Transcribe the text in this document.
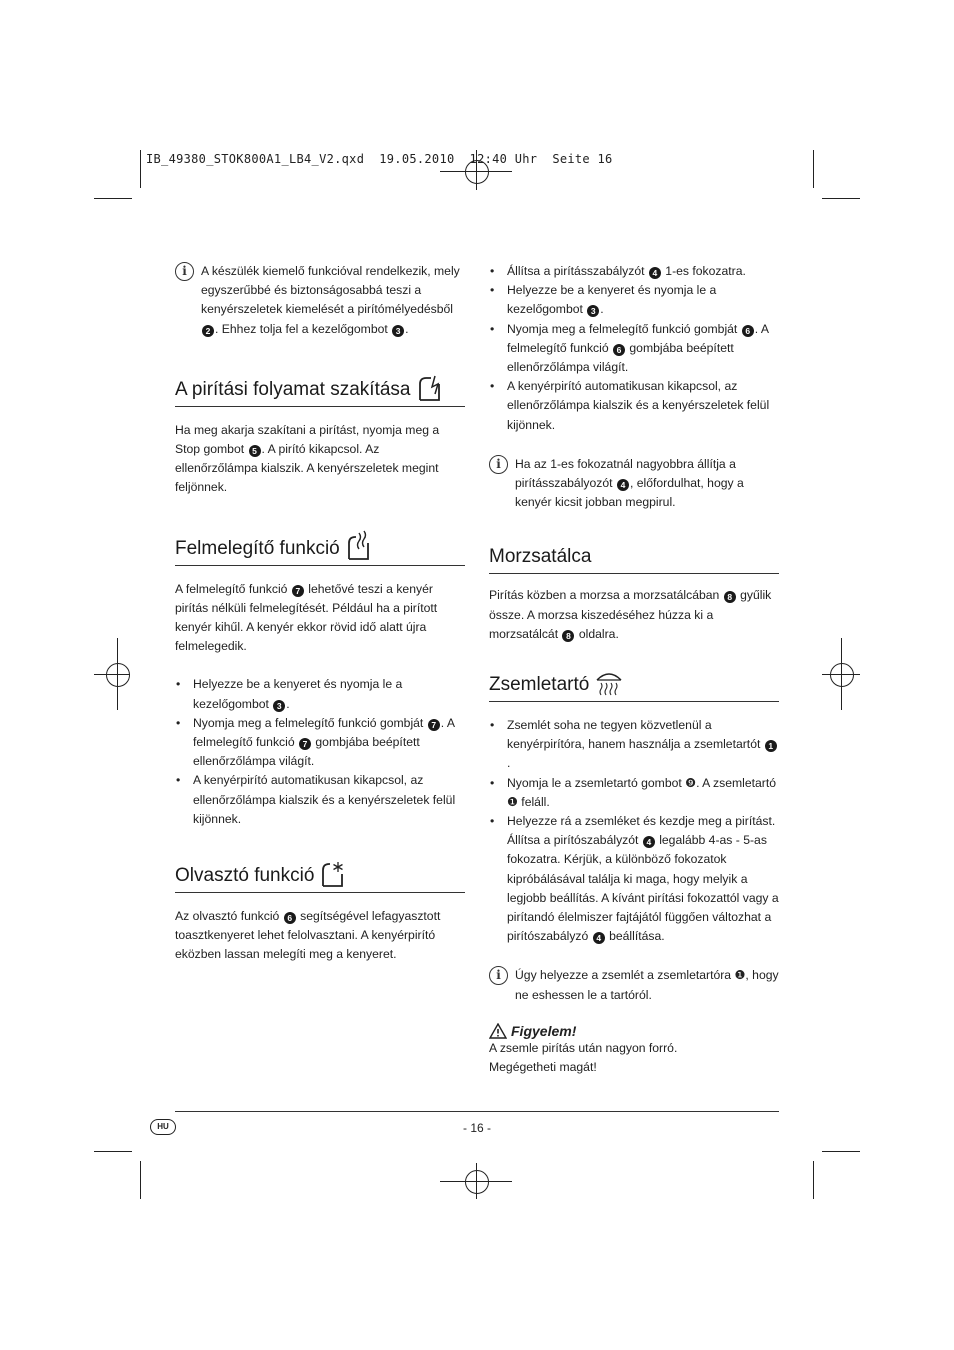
IB_49380_STOK800A1_LB4_V2.qxd  19.05.2010  12:40 Uhr  Seite 16
i	A készülék kiemelő funkcióval rendelkezik, mely egyszerűbbé és biztonságosabbá teszi a kenyérszeletek kiemelését a pirítómélyedésből 2 . Ehhez tolja fel a kezelőgombot 3 .

A pirítási folyamat szakítása

Ha meg akarja szakítani a pirítást, nyomja meg a Stop gombot 5 . A pirító kikapcsol. Az ellenőrzőlámpa kialszik. A kenyérszeletek megint feljönnek.

Felmelegítő funkció

A felmelegítő funkció 7 lehetővé teszi a kenyér pirítás nélküli felmelegítését. Például ha a pirított kenyér kihűl. A kenyér ekkor rövid idő alatt újra felmelegedik.

• Helyezze be a kenyeret és nyomja le a kezelőgombot 3 .
• Nyomja meg a felmelegítő funkció gombját 7 . A felmelegítő funkció 7 gombjába beépített ellenőrzőlámpa világít.
• A kenyérpirító automatikusan kikapcsol, az ellenőrzőlámpa kialszik és a kenyérszeletek felül kijönnek.
Olvasztó funkció

Az olvasztó funkció 6 segítségével lefagyasztott toasztkenyeret lehet felolvasztani. A kenyérpirító eközben lassan melegíti meg a kenyeret.

• Állítsa a pirításszabályzót 4 1-es fokozatra.
• Helyezze be a kenyeret és nyomja le a kezelőgombot 3 .
• Nyomja meg a felmelegítő funkció gombját 6 . A felmelegítő funkció 6 gombjába beépített ellenőrzőlámpa világít.
• A kenyérpirító automatikusan kikapcsol, az ellenőrzőlámpa kialszik és a kenyérszeletek felül kijönnek.
i	Ha az 1-es fokozatnál nagyobbra állítja a pirításszabályozót 4 , előfordulhat, hogy a kenyér kicsit jobban megpirul.

Morzsatálca

Pirítás közben a morzsa a morzsatálcában 8 gyűlik össze. A morzsa kiszedéséhez húzza ki a morzsatálcát 8 oldalra.

Zsemletartó
• Zsemlét soha ne tegyen közvetlenül a kenyérpirítóra, hanem használja a zsemletartót 1.
• Nyomja le a zsemletartó gombot ❾. A zsemletartó ❶ feláll.
• Helyezze rá a zsemléket és kezdje meg a pirítást. Állítsa a pirítószabályzót 4 legalább 4-as - 5-as fokozatra. Kérjük, a különböző fokozatok kipróbálásával találja ki maga, hogy melyik a legjobb beállítás. A kívánt pirítási fokozattól vagy a pirítandó élelmiszer fajtájától függően változhat a pirítószabályzó 4 beállítása.
i	Úgy helyezze a zsemlét a zsemletartóra ❶, hogy ne eshessen le a tartóról.

Figyelem!

A zsemle pirítás után nagyon forró.

Megégetheti magát!

HU	- 16 -
